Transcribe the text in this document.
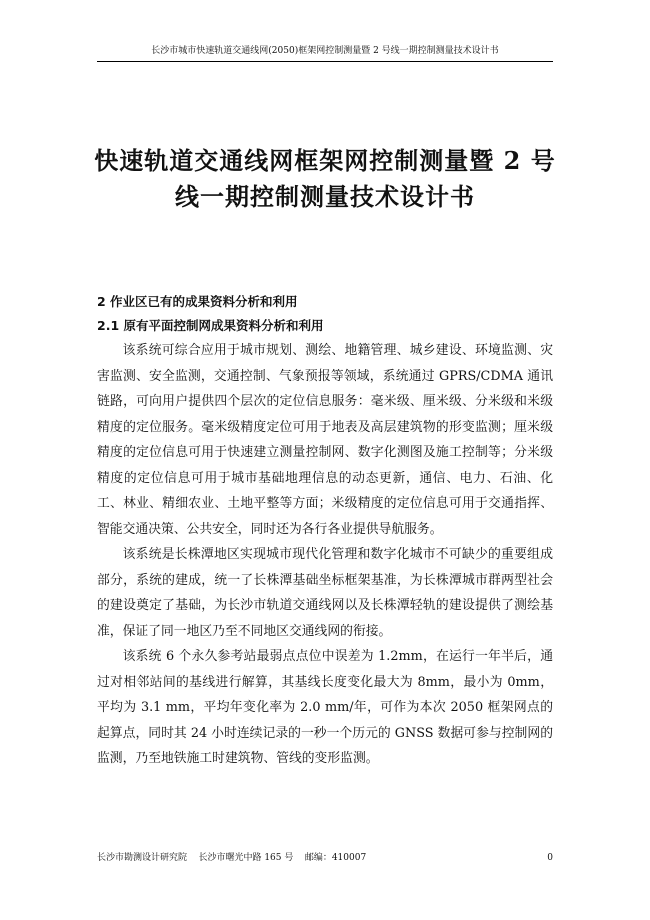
长沙市城市快速轨道交通线网(2050)框架网控制测量暨 2 号线一期控制测量技术设计书
快速轨道交通线网框架网控制测量暨 2 号
线一期控制测量技术设计书
2 作业区已有的成果资料分析和利用
2.1 原有平面控制网成果资料分析和利用

该系统可综合应用于城市规划、测绘、地籍管理、城乡建设、环境监测、灾害监测、安全监测，交通控制、气象预报等领域，系统通过 GPRS/CDMA 通讯链路，可向用户提供四个层次的定位信息服务：毫米级、厘米级、分米级和米级精度的定位服务。毫米级精度定位可用于地表及高层建筑物的形变监测；厘米级精度的定位信息可用于快速建立测量控制网、数字化测图及施工控制等；分米级精度的定位信息可用于城市基础地理信息的动态更新，通信、电力、石油、化工、林业、精细农业、土地平整等方面；米级精度的定位信息可用于交通指挥、智能交通决策、公共安全，同时还为各行各业提供导航服务。

该系统是长株潭地区实现城市现代化管理和数字化城市不可缺少的重要组成部分，系统的建成，统一了长株潭基础坐标框架基准，为长株潭城市群两型社会的建设奠定了基础，为长沙市轨道交通线网以及长株潭轻轨的建设提供了测绘基准，保证了同一地区乃至不同地区交通线网的衔接。

该系统 6 个永久参考站最弱点点位中误差为 1.2mm，在运行一年半后，通过对相邻站间的基线进行解算，其基线长度变化最大为 8mm，最小为 0mm，平均为 3.1 mm，平均年变化率为 2.0 mm/年，可作为本次 2050 框架网点的起算点，同时其 24 小时连续记录的一秒一个历元的 GNSS 数据可参与控制网的监测，乃至地铁施工时建筑物、管线的变形监测。

长沙市勘测设计研究院 长沙市曙光中路 165 号 邮编：410007	0
